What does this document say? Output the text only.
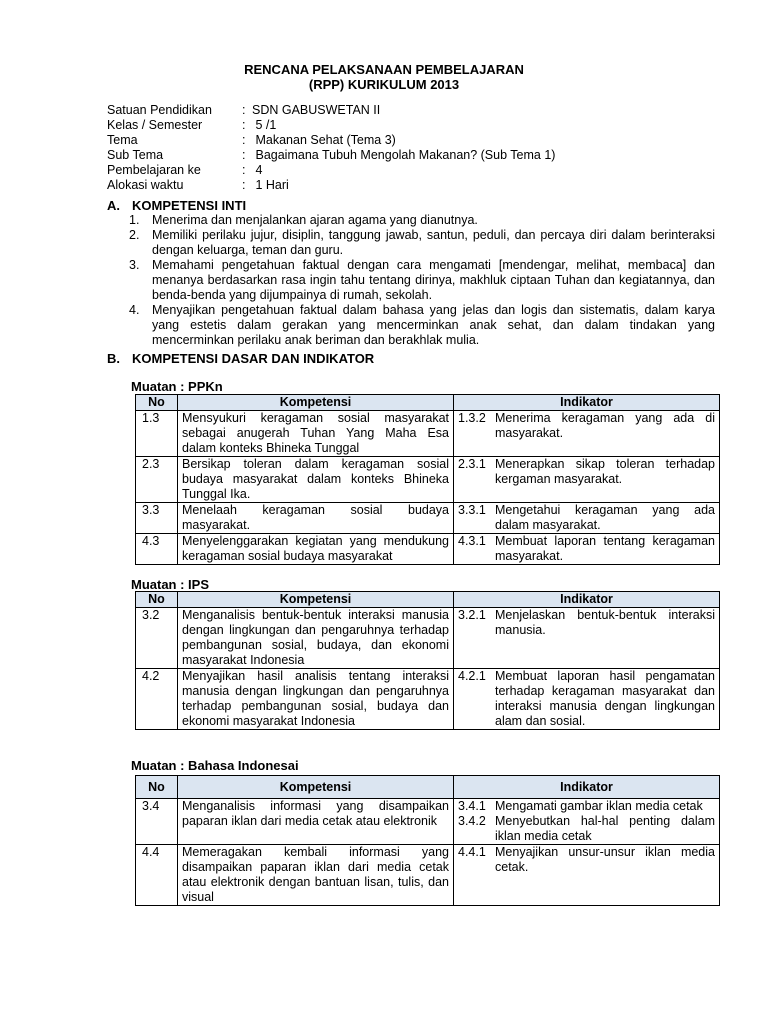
RENCANA PELAKSANAAN PEMBELAJARAN
(RPP) KURIKULUM 2013
Satuan Pendidikan : SDN GABUSWETAN II
Kelas / Semester	: 5 /1
Tema	: Makanan Sehat (Tema 3)
Sub Tema	: Bagaimana Tubuh Mengolah Makanan? (Sub Tema 1)
Pembelajaran ke	: 4
Alokasi waktu	: 1 Hari
A. KOMPETENSI INTI
1.	Menerima dan menjalankan ajaran agama yang dianutnya.
2.	Memiliki perilaku jujur, disiplin, tanggung jawab, santun, peduli, dan percaya diri dalam berinteraksi dengan keluarga, teman dan guru.
3.	Memahami pengetahuan faktual dengan cara mengamati [mendengar, melihat, membaca] dan menanya berdasarkan rasa ingin tahu tentang dirinya, makhluk ciptaan Tuhan dan kegiatannya, dan benda-benda yang dijumpainya di rumah, sekolah.
4.	Menyajikan pengetahuan faktual dalam bahasa yang jelas dan logis dan sistematis, dalam karya yang estetis dalam gerakan yang mencerminkan anak sehat, dan dalam tindakan yang mencerminkan perilaku anak beriman dan berakhlak mulia.
B. KOMPETENSI DASAR DAN INDIKATOR
Muatan : PPKn
No	Kompetensi	Indikator
1.3	Mensyukuri keragaman sosial masyarakat sebagai anugerah Tuhan Yang Maha Esa dalam konteks Bhineka Tunggal	1.3.2 Menerima keragaman yang ada di masyarakat.

2.3	Bersikap toleran dalam keragaman sosial budaya masyarakat dalam konteks Bhineka Tunggal Ika.	2.3.1 Menerapkan sikap toleran terhadap kergaman masyarakat.

3.3	Menelaah keragaman sosial budaya masyarakat.	3.3.1 Mengetahui keragaman yang ada dalam masyarakat.

4.3	Menyelenggarakan kegiatan yang mendukung keragaman sosial budaya masyarakat	4.3.1 Membuat laporan tentang keragaman masyarakat.
Muatan : IPS
No	Kompetensi	Indikator
3.2	Menganalisis bentuk-bentuk interaksi manusia dengan lingkungan dan pengaruhnya terhadap pembangunan sosial, budaya, dan ekonomi masyarakat Indonesia	3.2.1 Menjelaskan bentuk-bentuk interaksi manusia.

4.2	Menyajikan hasil analisis tentang interaksi manusia dengan lingkungan dan pengaruhnya terhadap pembangunan sosial, budaya dan ekonomi masyarakat Indonesia	4.2.1 Membuat laporan hasil pengamatan terhadap keragaman masyarakat dan interaksi manusia dengan lingkungan alam dan sosial.
Muatan : Bahasa Indonesai
No	Kompetensi	Indikator
3.4	Menganalisis informasi yang disampaikan paparan iklan dari media cetak atau elektronik	3.4.1 Mengamati gambar iklan media cetak
3.4.2 Menyebutkan hal-hal penting dalam iklan media cetak

4.4	Memeragakan kembali informasi yang disampaikan paparan iklan dari media cetak atau elektronik dengan bantuan lisan, tulis, dan visual	4.4.1 Menyajikan unsur-unsur iklan media cetak.
